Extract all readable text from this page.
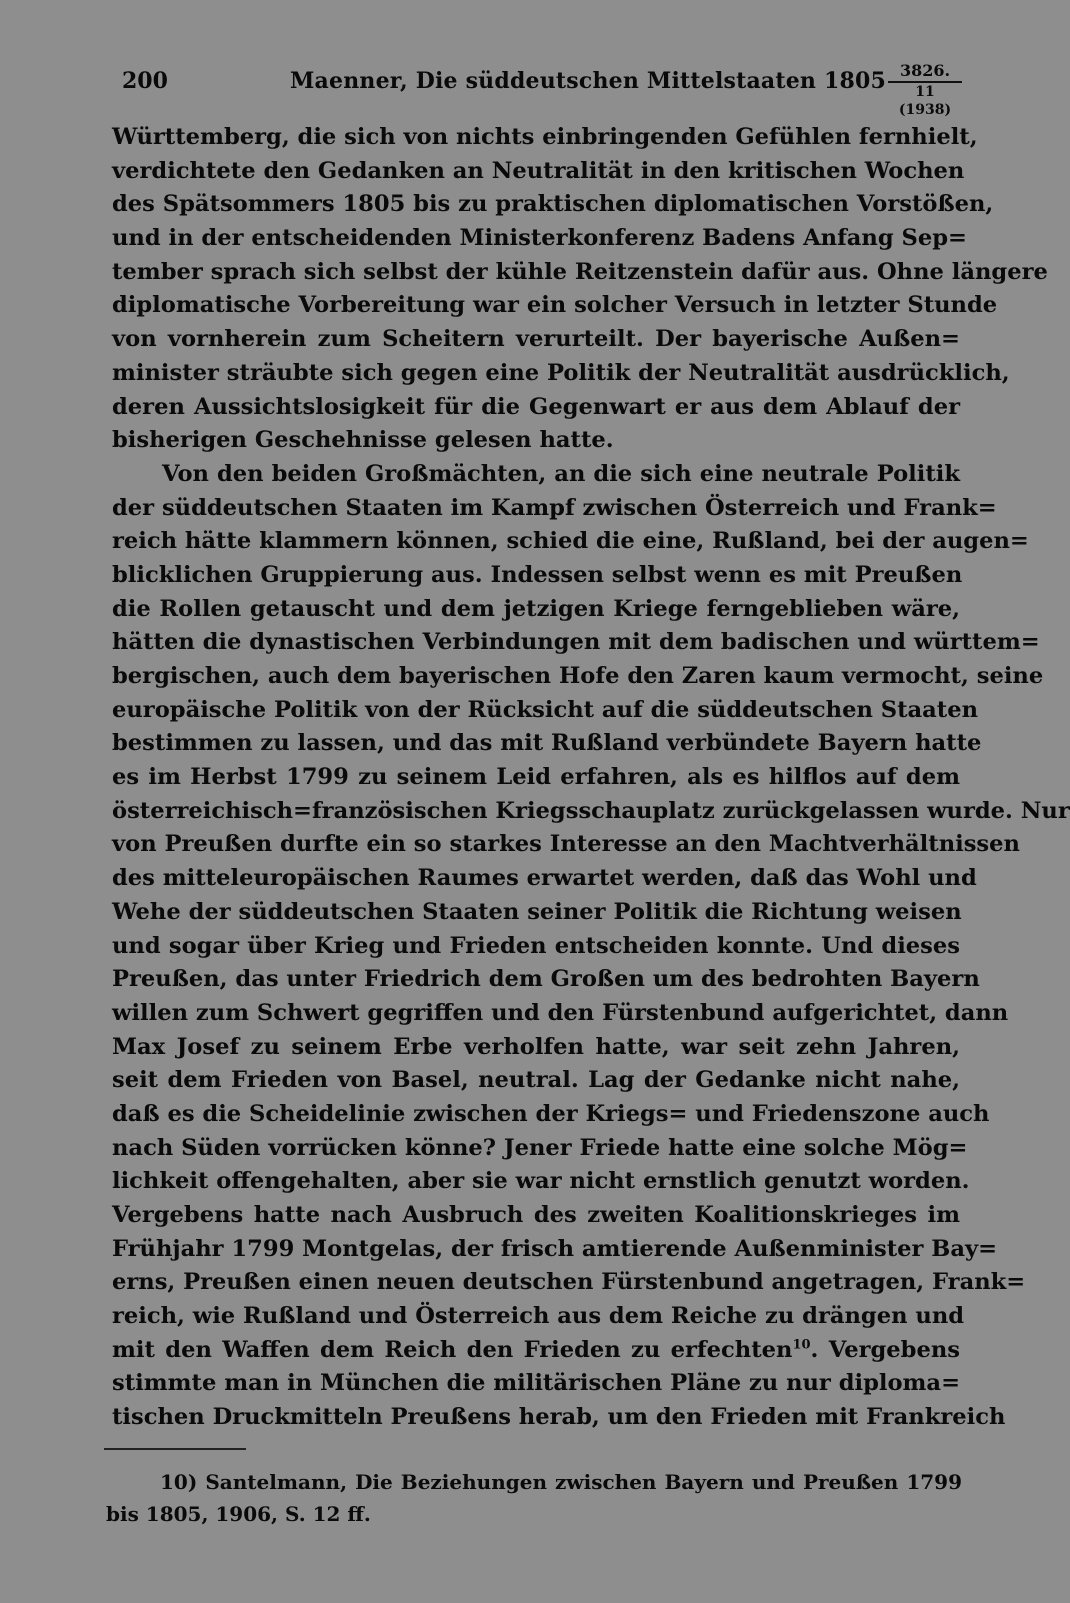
200	Maenner, Die süddeutschen Mittelstaaten 1805 3826.
11 (1938)
Württemberg, die sich von nichts einbringenden Gefühlen fernhielt,
verdichtete den Gedanken an Neutralität in den kritischen Wochen
des Spätsommers 1805 bis zu praktischen diplomatischen Vorstößen,
und in der entscheidenden Ministerkonferenz Badens Anfang Sep=
tember sprach sich selbst der kühle Reitzenstein dafür aus. Ohne längere
diplomatische Vorbereitung war ein solcher Versuch in letzter Stunde
von vornherein zum Scheitern verurteilt. Der bayerische Außen=
minister sträubte sich gegen eine Politik der Neutralität ausdrücklich,
deren Aussichtslosigkeit für die Gegenwart er aus dem Ablauf der
bisherigen Geschehnisse gelesen hatte.
Von den beiden Großmächten, an die sich eine neutrale Politik
der süddeutschen Staaten im Kampf zwischen Österreich und Frank=
reich hätte klammern können, schied die eine, Rußland, bei der augen=
blicklichen Gruppierung aus. Indessen selbst wenn es mit Preußen
die Rollen getauscht und dem jetzigen Kriege ferngeblieben wäre,
hätten die dynastischen Verbindungen mit dem badischen und württem=
bergischen, auch dem bayerischen Hofe den Zaren kaum vermocht, seine
europäische Politik von der Rücksicht auf die süddeutschen Staaten
bestimmen zu lassen, und das mit Rußland verbündete Bayern hatte
es im Herbst 1799 zu seinem Leid erfahren, als es hilflos auf dem
österreichisch=französischen Kriegsschauplatz zurückgelassen wurde. Nur
von Preußen durfte ein so starkes Interesse an den Machtverhältnissen
des mitteleuropäischen Raumes erwartet werden, daß das Wohl und
Wehe der süddeutschen Staaten seiner Politik die Richtung weisen
und sogar über Krieg und Frieden entscheiden konnte. Und dieses
Preußen, das unter Friedrich dem Großen um des bedrohten Bayern
willen zum Schwert gegriffen und den Fürstenbund aufgerichtet, dann
Max Josef zu seinem Erbe verholfen hatte, war seit zehn Jahren,
seit dem Frieden von Basel, neutral. Lag der Gedanke nicht nahe,
daß es die Scheidelinie zwischen der Kriegs= und Friedenszone auch
nach Süden vorrücken könne? Jener Friede hatte eine solche Mög=
lichkeit offengehalten, aber sie war nicht ernstlich genutzt worden.
Vergebens hatte nach Ausbruch des zweiten Koalitionskrieges im
Frühjahr 1799 Montgelas, der frisch amtierende Außenminister Bay=
erns, Preußen einen neuen deutschen Fürstenbund angetragen, Frank=
reich, wie Rußland und Österreich aus dem Reiche zu drängen und
mit den Waffen dem Reich den Frieden zu erfechten$^{10}$. Vergebens
stimmte man in München die militärischen Pläne zu nur diploma=
tischen Druckmitteln Preußens herab, um den Frieden mit Frankreich
10) Santelmann, Die Beziehungen zwischen Bayern und Preußen 1799
bis 1805, 1906, S. 12 ff.
